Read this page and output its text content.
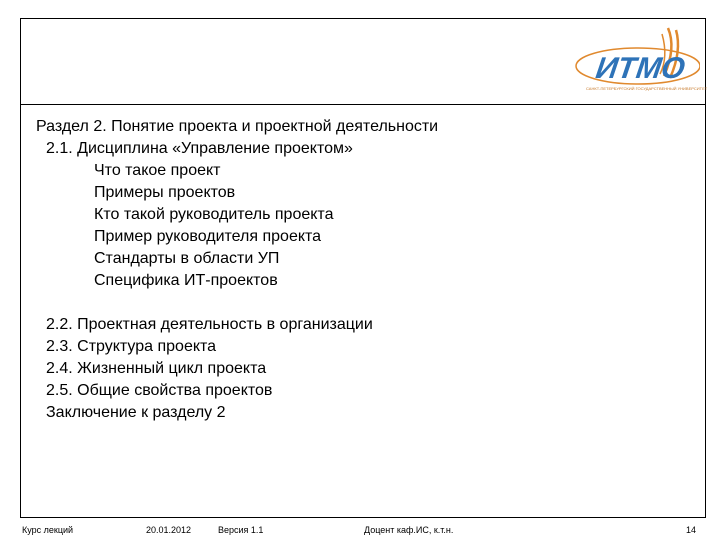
ИТМО
САНКТ-ПЕТЕРБУРГСКИЙ ГОСУДАРСТВЕННЫЙ УНИВЕРСИТЕТ
Раздел 2. Понятие проекта и проектной деятельности
2.1. Дисциплина «Управление проектом»
Что такое проект
Примеры проектов
Кто такой руководитель проекта
Пример руководителя проекта
Стандарты в области УП
Специфика ИТ-проектов
2.2. Проектная деятельность в организации
2.3. Структура проекта
2.4. Жизненный цикл проекта
2.5. Общие свойства проектов
Заключение к разделу 2
Курс лекций	20.01.2012	Версия 1.1	Доцент каф.ИС, к.т.н.	14
